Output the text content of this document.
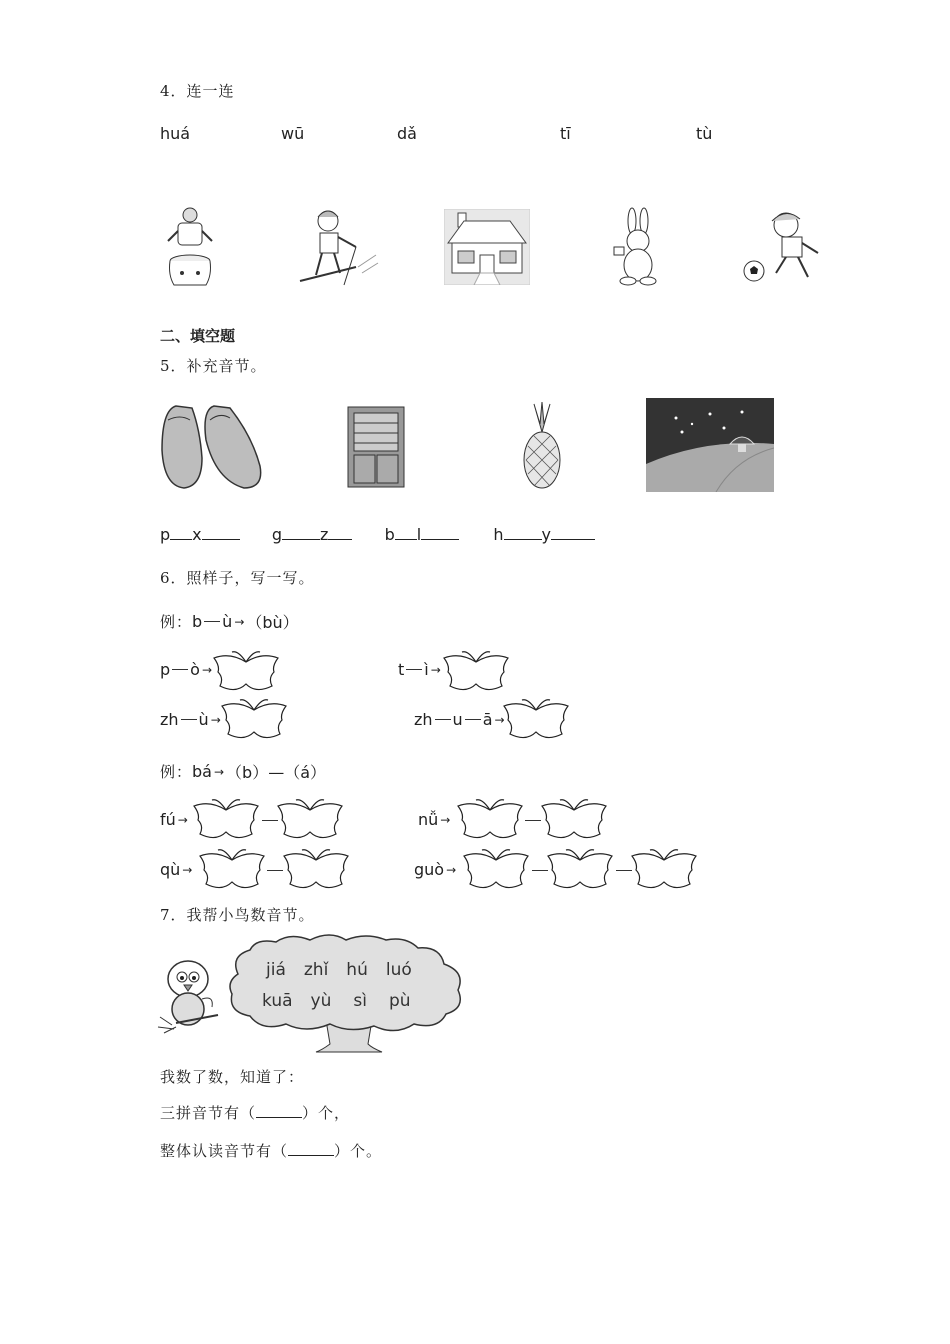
4．连一连
huá	wū	dǎ	tī	tù
二、填空题
5．补充音节。
p x	g z	b l	h y
6．照样子，写一写。
例： b ù → （bù）
p ò →	t ì →
zh ù →	zh u ā →
例： bá → （b）—（á）
fú →	nǚ →
qù →	guò →
7．我帮小鸟数音节。
jiá zhǐ hú luó
kuā yù sì pù
我数了数，知道了：
三拼音节有（	）个，
整体认读音节有（	）个。
